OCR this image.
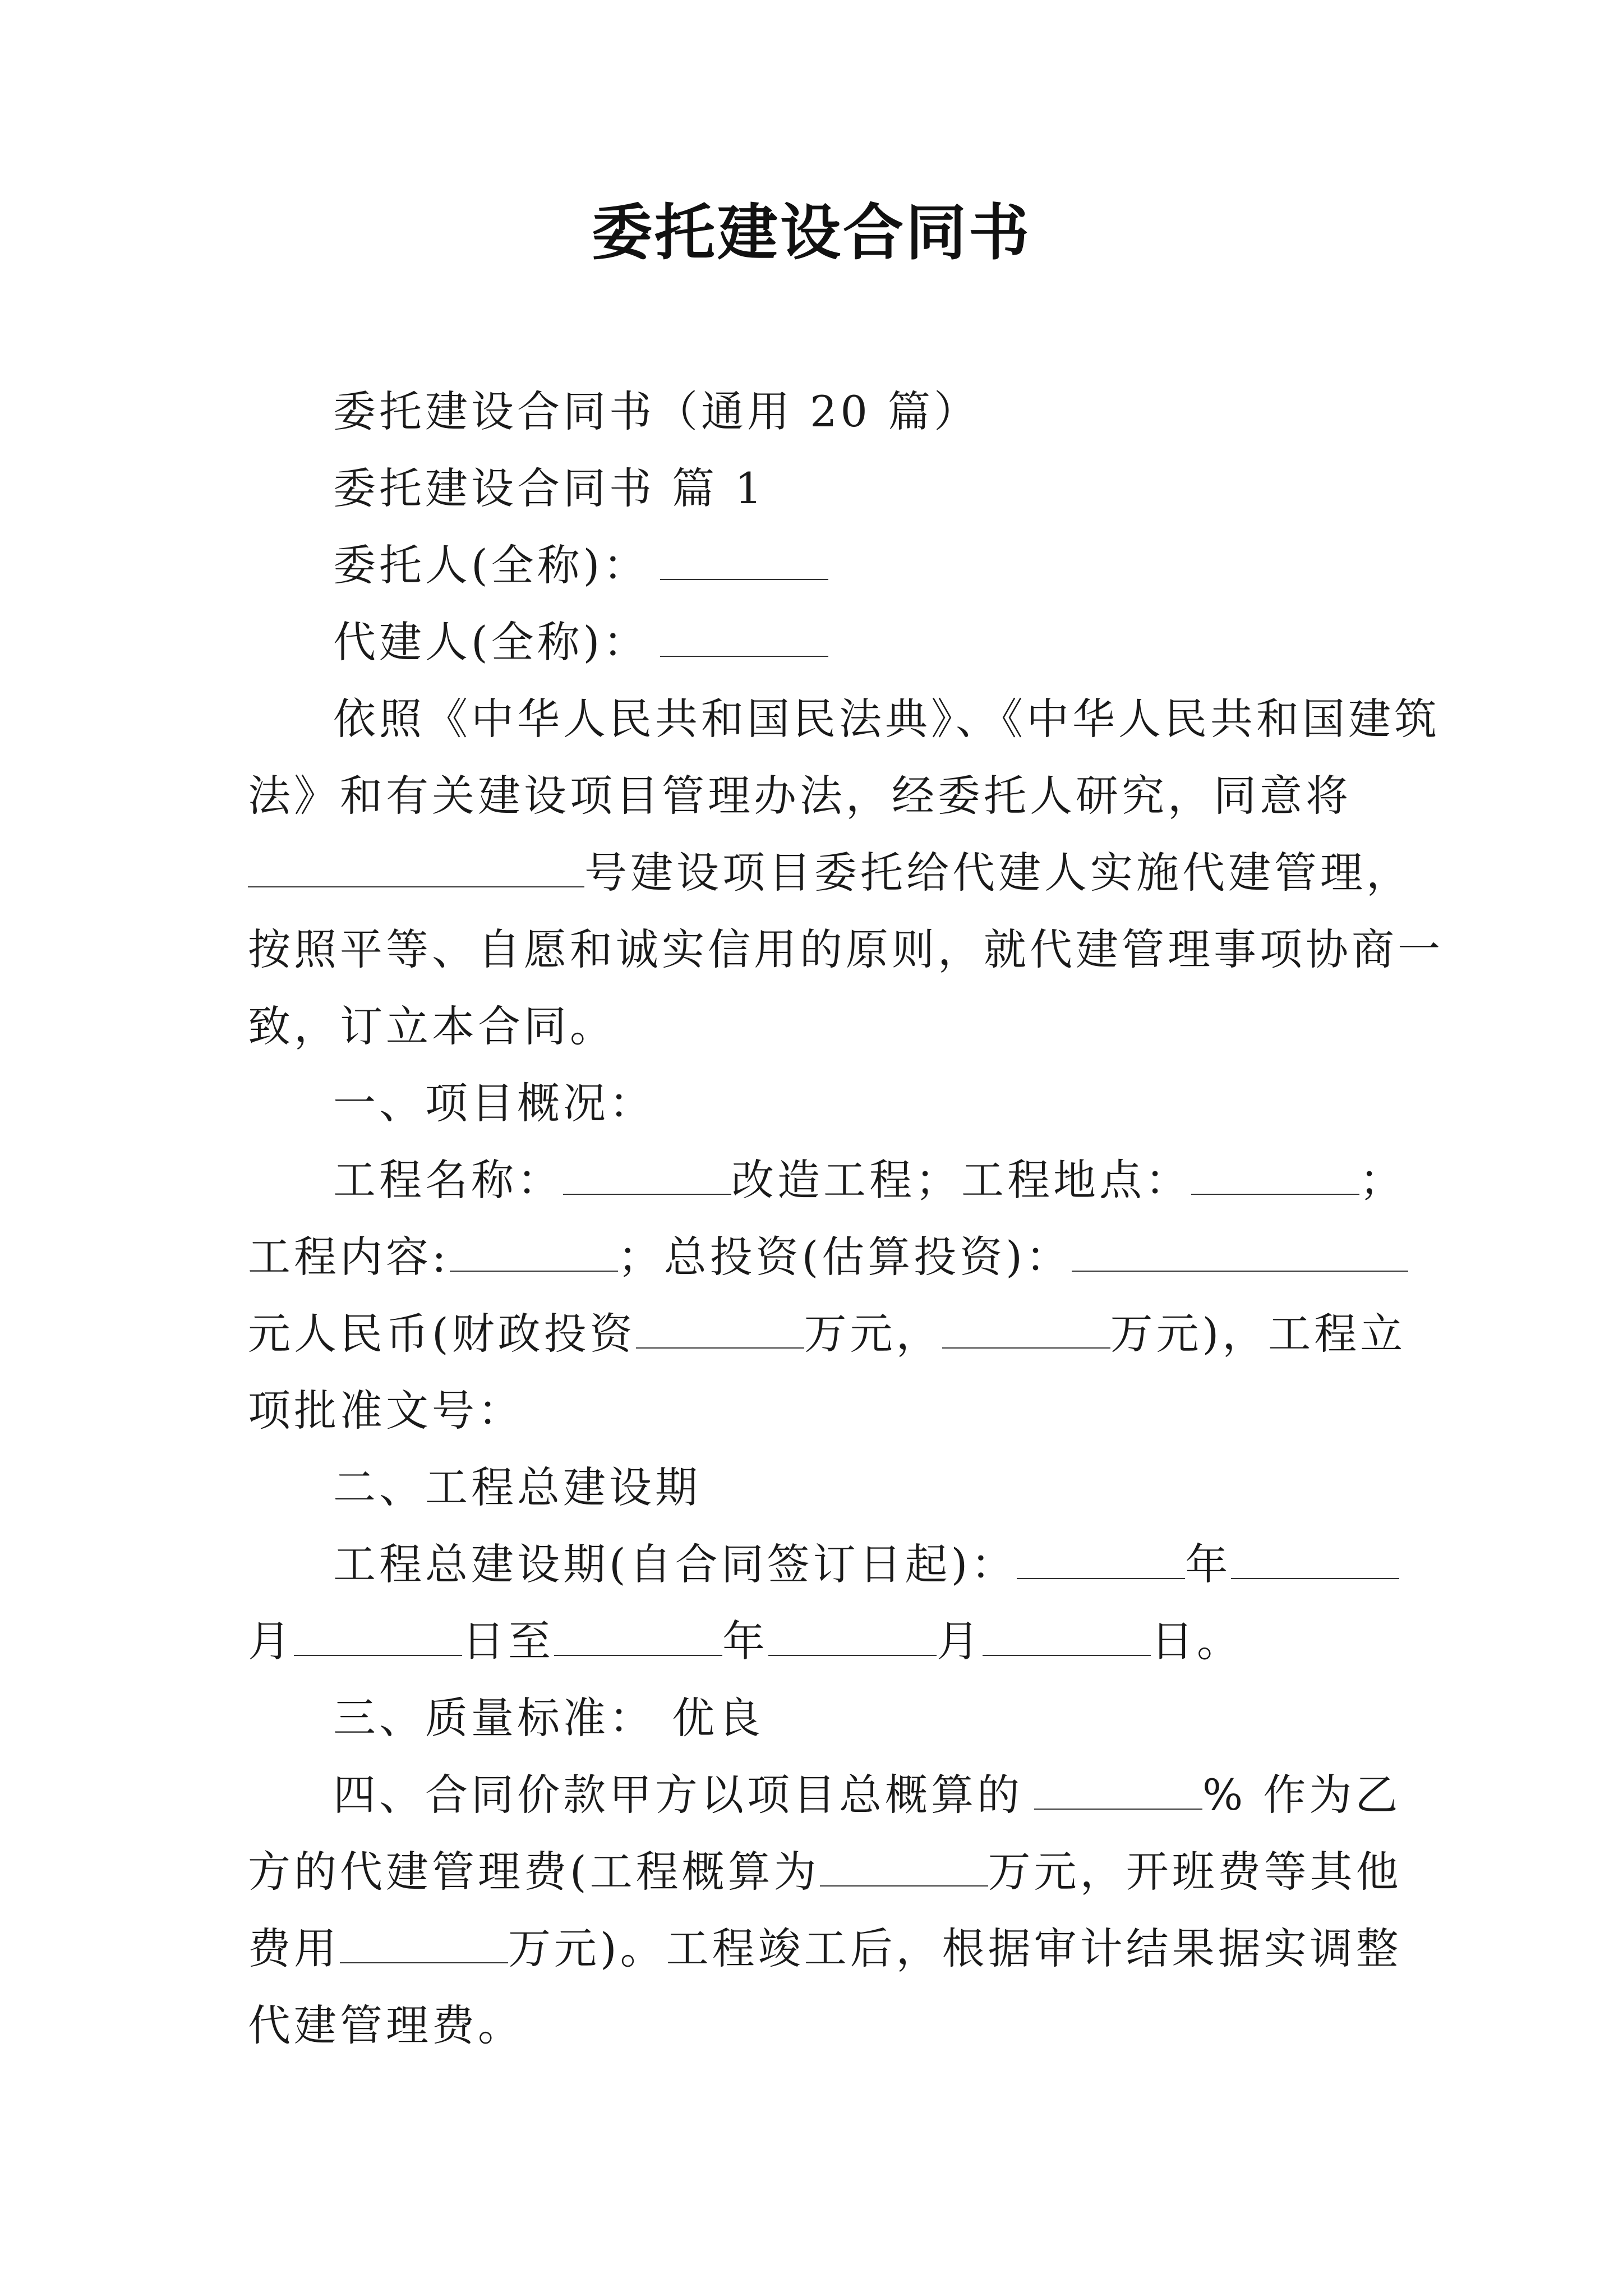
委托建设合同书
委托建设合同书（通用 20 篇）
委托建设合同书 篇 1
委托人(全称)：
代建人(全称)：
依照《中华人民共和国民法典》、《中华人民共和国建筑
法》和有关建设项目管理办法，经委托人研究，同意将
号建设项目委托给代建人实施代建管理，
按照平等、自愿和诚实信用的原则，就代建管理事项协商一
致，订立本合同。
一、项目概况：
工程名称：	改造工程；工程地点：	；
工程内容:	；总投资(估算投资)：
元人民币(财政投资	万元，	万元)，工程立
项批准文号：
二、工程总建设期
工程总建设期(自合同签订日起)：	年
月	日至	年	月	日。
三、质量标准： 优良
四、合同价款甲方以项目总概算的	% 作为乙
方的代建管理费(工程概算为	万元，开班费等其他
费用	万元)。工程竣工后，根据审计结果据实调整
代建管理费。
